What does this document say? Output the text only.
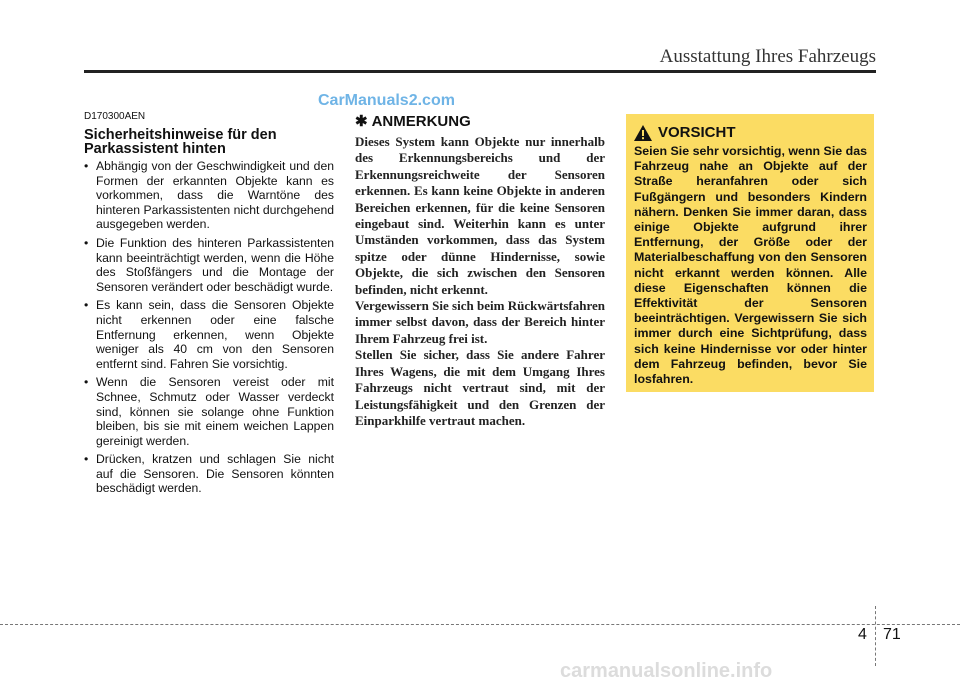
Ausstattung Ihres Fahrzeugs
CarManuals2.com
D170300AEN
Sicherheitshinweise für den Parkassistent hinten
• Abhängig von der Geschwindigkeit und den Formen der erkannten Objekte kann es vorkommen, dass die Warntöne des hinteren Parkassistenten nicht durchgehend ausgegeben werden.
• Die Funktion des hinteren Parkassistenten kann beeinträchtigt werden, wenn die Höhe des Stoßfängers und die Montage der Sensoren verändert oder beschädigt wurde.
• Es kann sein, dass die Sensoren Objekte nicht erkennen oder eine falsche Entfernung erkennen, wenn Objekte weniger als 40 cm von den Sensoren entfernt sind. Fahren Sie vorsichtig.
• Wenn die Sensoren vereist oder mit Schnee, Schmutz oder Wasser verdeckt sind, können sie solange ohne Funktion bleiben, bis sie mit einem weichen Lappen gereinigt werden.
• Drücken, kratzen und schlagen Sie nicht auf die Sensoren. Die Sensoren könnten beschädigt werden.
✱ ANMERKUNG

Dieses System kann Objekte nur innerhalb des Erkennungsbereichs und der Erkennungsreichweite der Sensoren erkennen. Es kann keine Objekte in anderen Bereichen erkennen, für die keine Sensoren eingebaut sind. Weiterhin kann es unter Umständen vorkommen, dass das System spitze oder dünne Hindernisse, sowie Objekte, die sich zwischen den Sensoren befinden, nicht erkennt.

Vergewissern Sie sich beim Rückwärtsfahren immer selbst davon, dass der Bereich hinter Ihrem Fahrzeug frei ist.

Stellen Sie sicher, dass Sie andere Fahrer Ihres Wagens, die mit dem Umgang Ihres Fahrzeugs nicht vertraut sind, mit der Leistungsfähigkeit und den Grenzen der Einparkhilfe vertraut machen.

VORSICHT

Seien Sie sehr vorsichtig, wenn Sie das Fahrzeug nahe an Objekte auf der Straße heranfahren oder sich Fußgängern und besonders Kindern nähern. Denken Sie immer daran, dass einige Objekte aufgrund ihrer Entfernung, der Größe oder der Materialbeschaffung von den Sensoren nicht erkannt werden können. Alle diese Eigenschaften können die Effektivität der Sensoren beeinträchtigen. Vergewissern Sie sich immer durch eine Sichtprüfung, dass sich keine Hindernisse vor oder hinter dem Fahrzeug befinden, bevor Sie losfahren.

4 71
carmanualsonline.info
